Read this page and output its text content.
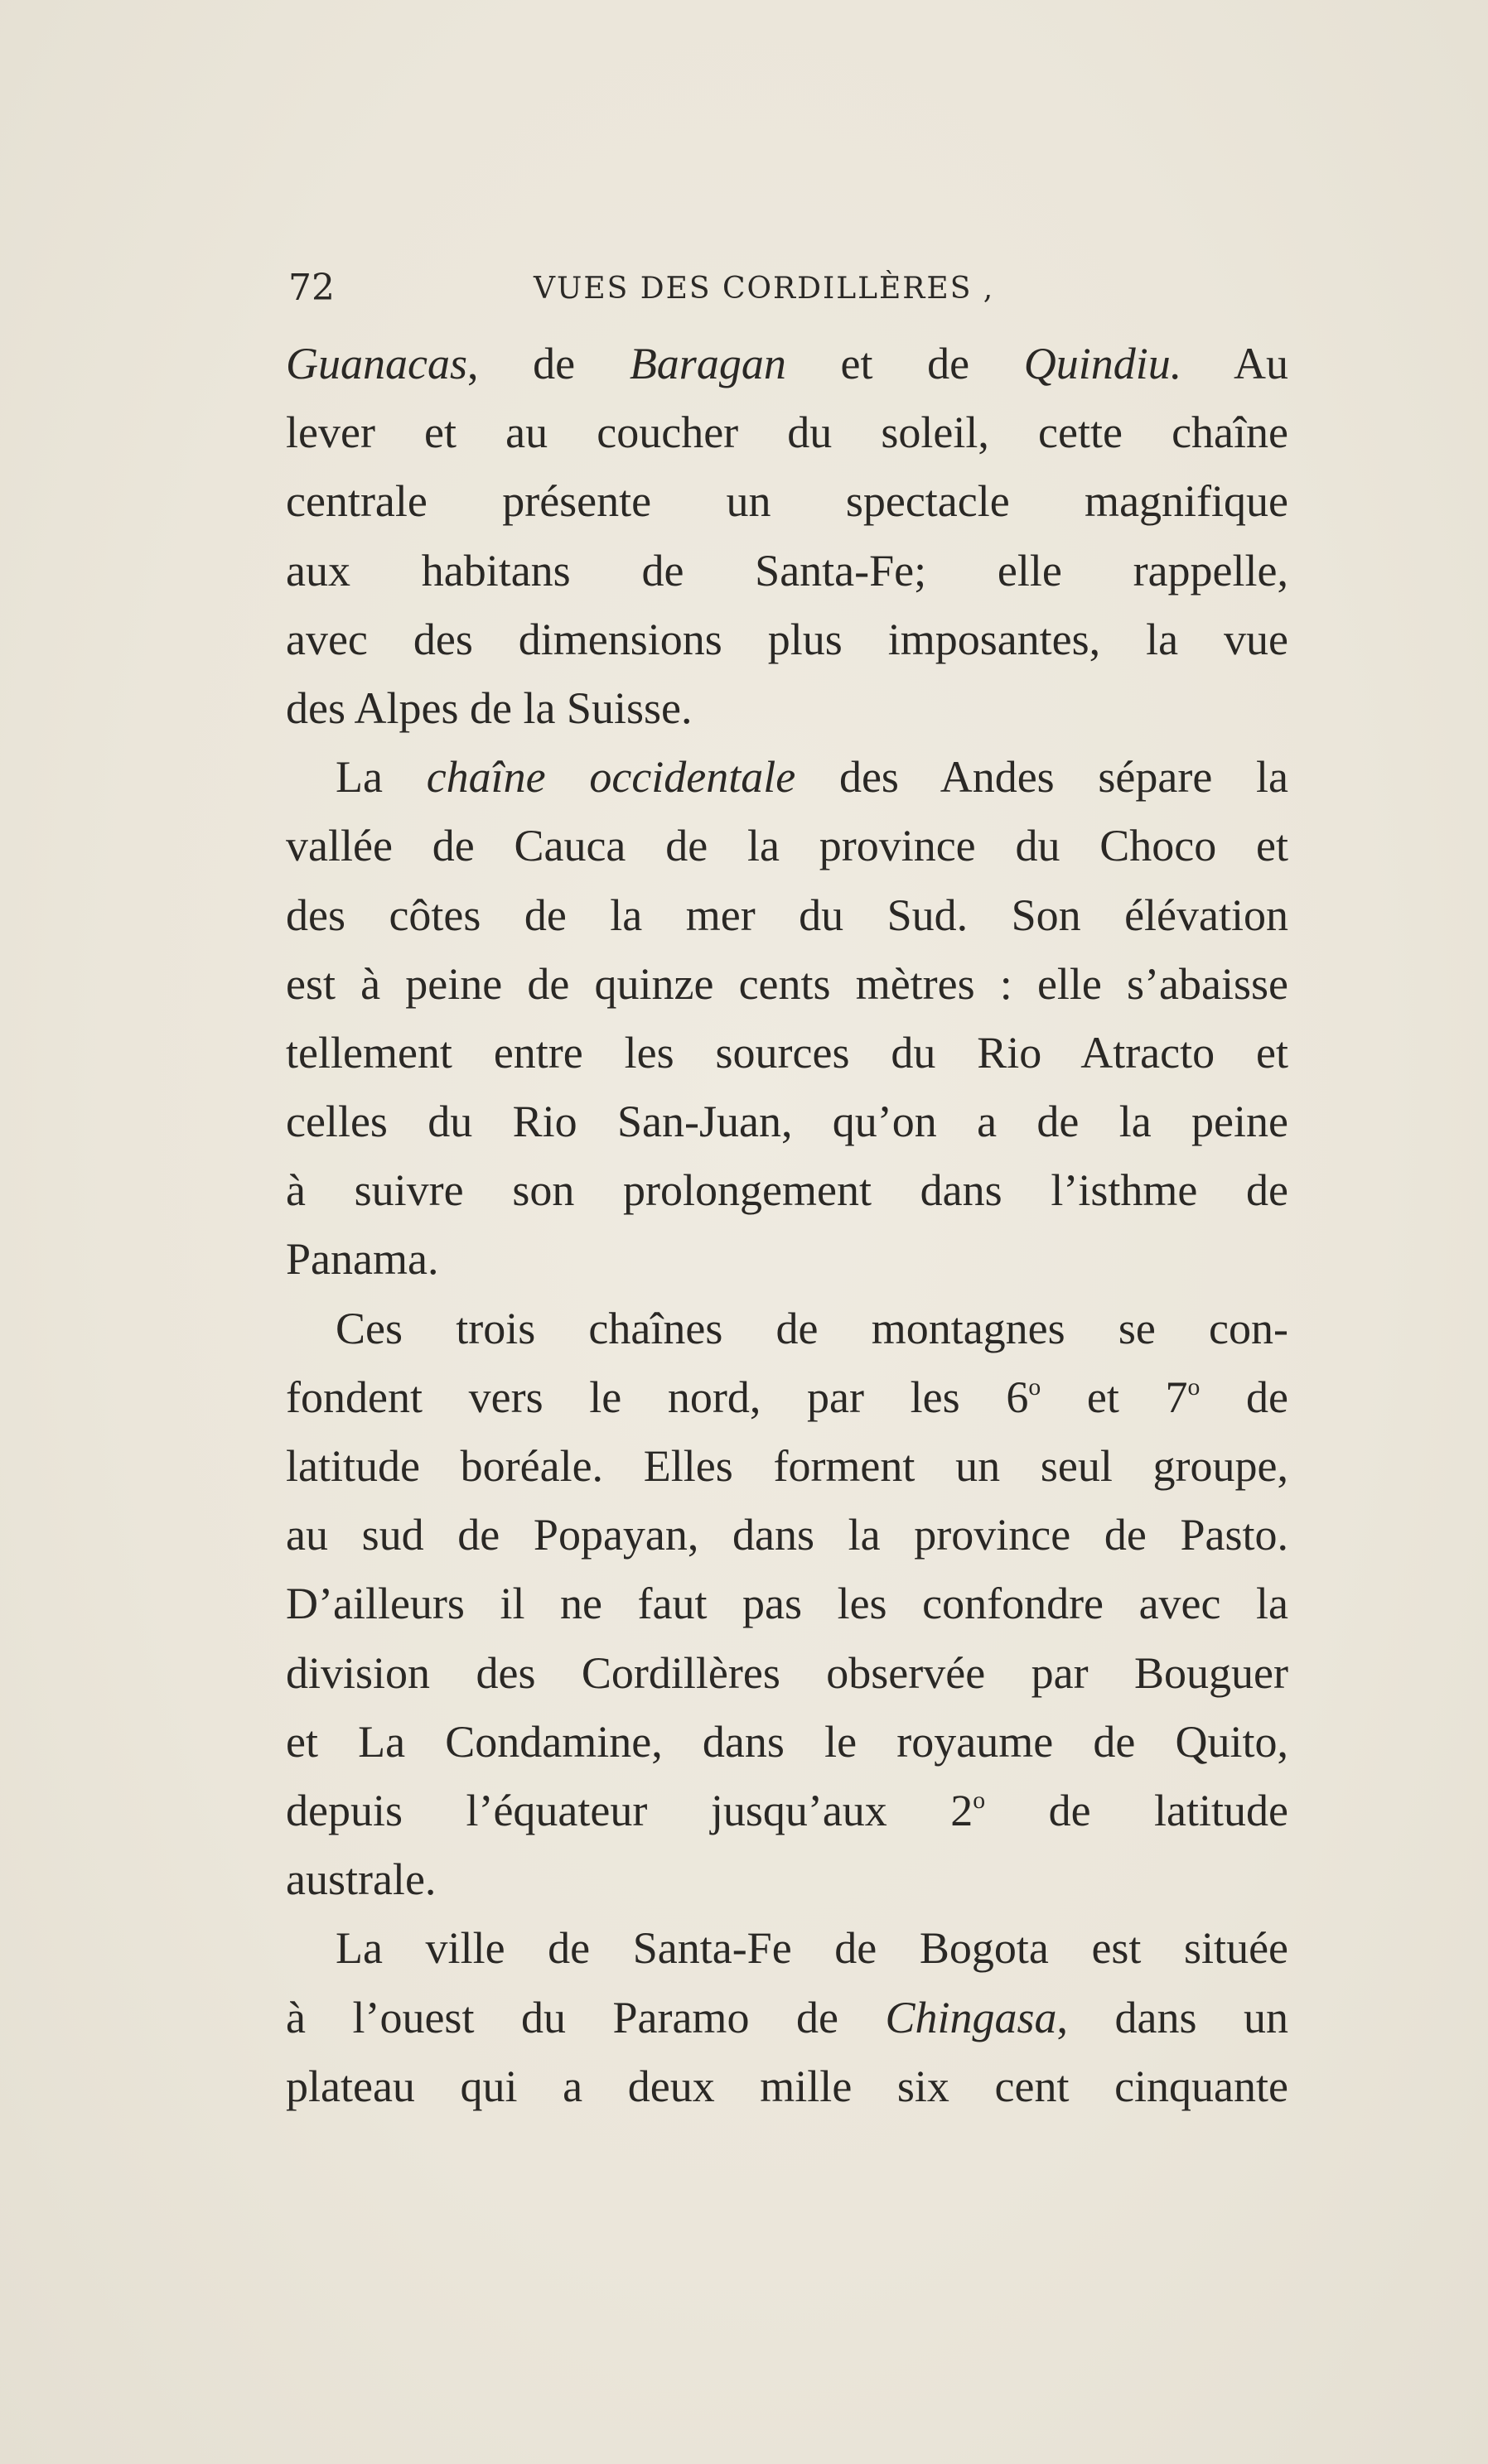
72	VUES DES CORDILLÈRES ,
Guanacas, de Baragan et de Quindiu. Au
lever et au coucher du soleil, cette chaîne
centrale présente un spectacle magnifique
aux habitans de Santa-Fe; elle rappelle,
avec des dimensions plus imposantes, la vue
des Alpes de la Suisse.
La chaîne occidentale des Andes sépare la
vallée de Cauca de la province du Choco et
des côtes de la mer du Sud. Son élévation
est à peine de quinze cents mètres : elle s’abaisse
tellement entre les sources du Rio Atracto et
celles du Rio San-Juan, qu’on a de la peine
à suivre son prolongement dans l’isthme de
Panama.
Ces trois chaînes de montagnes se con-
fondent vers le nord, par les 6$^o$ et 7$^o$ de
latitude boréale. Elles forment un seul groupe,
au sud de Popayan, dans la province de Pasto.
D’ailleurs il ne faut pas les confondre avec la
division des Cordillères observée par Bouguer
et La Condamine, dans le royaume de Quito,
depuis l’équateur jusqu’aux 2$^o$ de latitude
australe.
La ville de Santa-Fe de Bogota est située
à l’ouest du Paramo de Chingasa, dans un
plateau qui a deux mille six cent cinquante
